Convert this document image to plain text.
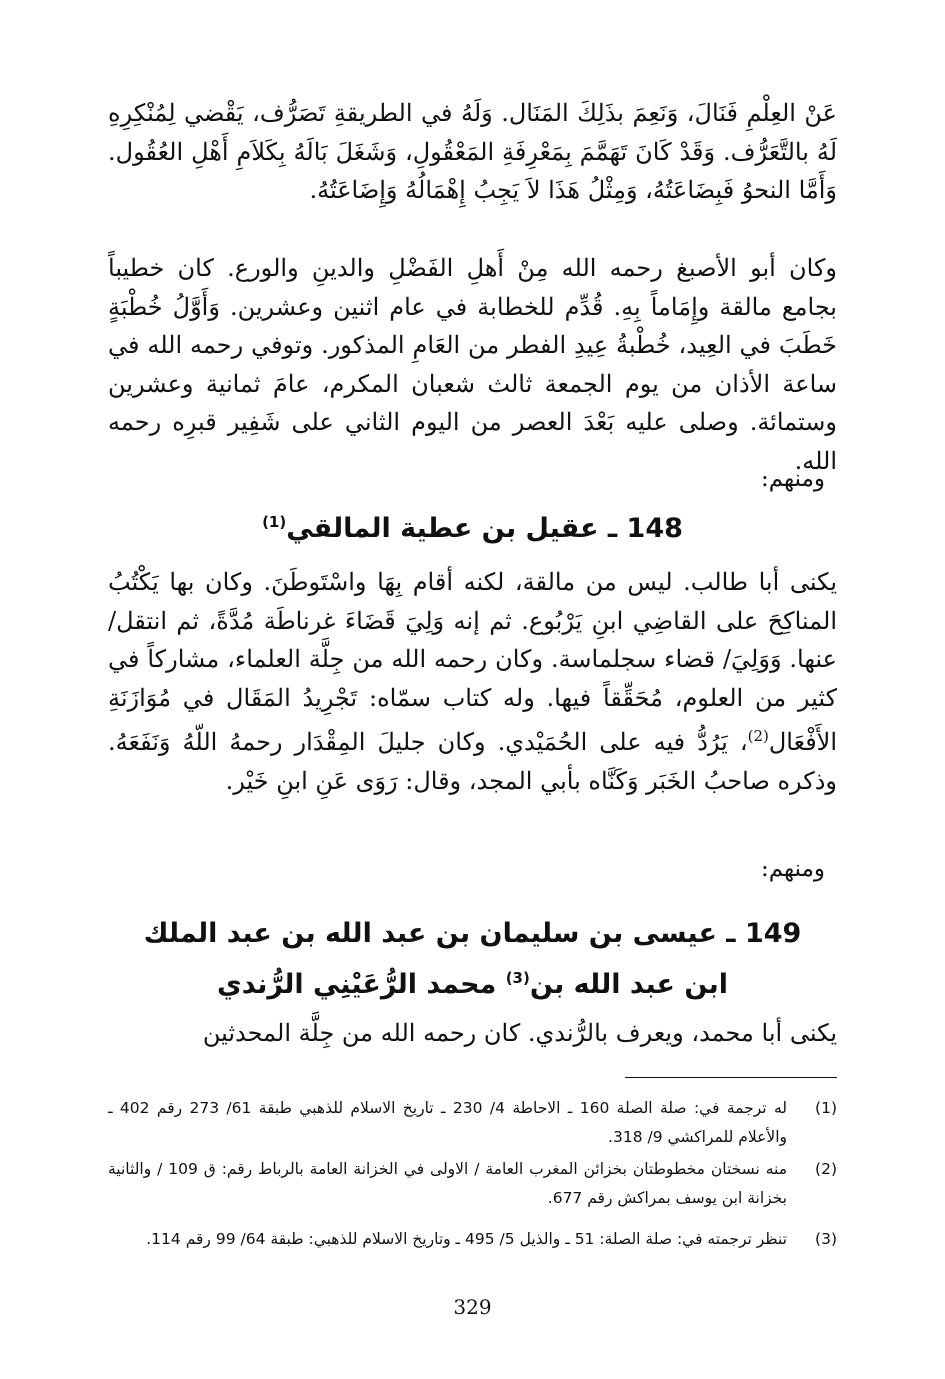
عَنْ العِلْمِ فَنَالَ، وَنَعِمَ بذَلِكَ المَنَال. وَلَهُ في الطريقةِ تَصَرُّف، يَقْضي لِمُنْكِرِهِ لَهُ بالتَّعَرُّف. وَقَدْ كَانَ تَهَمَّمَ بِمَعْرِفَةِ المَعْقُولِ، وَشَغَلَ بَالَهُ بِكَلاَمِ أَهْلِ العُقُول. وَأَمَّا النحوُ فَبِضَاعَتُهُ، وَمِثْلُ هَذَا لاَ يَجِبُ إِهْمَالُهُ وَإِضَاعَتُهُ.

وكان أبو الأصبغ رحمه الله مِنْ أَهلِ الفَضْلِ والدينِ والورع. كان خطيباً بجامع مالقة وإِمَاماً بِهِ. قُدِّم للخطابة في عام اثنين وعشرين. وَأَوَّلُ خُطْبَةٍ خَطَبَ في العِيد، خُطْبةُ عِيدِ الفطر من العَامِ المذكور. وتوفي رحمه الله في ساعة الأذان من يوم الجمعة ثالث شعبان المكرم، عامَ ثمانية وعشرين وستمائة. وصلى عليه بَعْدَ العصر من اليوم الثاني على شَفِير قبرِه رحمه الله.

ومنهم:
148 ـ عقيل بن عطية المالقي$^{(1)}$

يكنى أبا طالب. ليس من مالقة، لكنه أقام بِهَا واسْتَوطَنَ. وكان بها يَكْتُبُ المناكِحَ على القاضِي ابنِ يَرْبُوع. ثم إنه وَلِيَ قَضَاءَ غرناطَة مُدَّةً، ثم انتقل/عنها. وَوَلِيَ/ قضاء سجلماسة. وكان رحمه الله من جِلَّة العلماء، مشاركاً في كثير من العلوم، مُحَقِّقاً فيها. وله كتاب سمّاه: تَجْرِيدُ المَقَال في مُوَازَنَةِ الأَفْعَال$^{(2)}$، يَرُدُّ فيه على الحُمَيْدي. وكان جليلَ المِقْدَار رحمهُ اللّهُ وَنَفَعَهُ. وذكره صاحبُ الخَبَر وَكَنَّاه بأبي المجد، وقال: رَوَى عَنِ ابنِ خَيْر.

ومنهم:
149 ـ عيسى بن سليمان بن عبد الله بن عبد الملك
ابن عبد الله بن$^{(3)}$ محمد الرُّعَيْنِي الرُّندي

يكنى أبا محمد، ويعرف بالرُّندي. كان رحمه الله من جِلَّة المحدثين

(1)
له ترجمة في: صلة الصلة 160 ـ الاحاطة 4/ 230 ـ تاريخ الاسلام للذهبي طبقة 61/ 273 رقم 402 ـ والأعلام للمراكشي 9/ 318.
(2)
منه نسختان مخطوطتان بخزائن المغرب العامة / الاولى في الخزانة العامة بالرباط رقم: ق 109 / والثانية بخزانة ابن يوسف بمراكش رقم 677.
(3)
تنظر ترجمته في: صلة الصلة: 51 ـ والذيل 5/ 495 ـ وتاريخ الاسلام للذهبي: طبقة 64/ 99 رقم 114.
329
